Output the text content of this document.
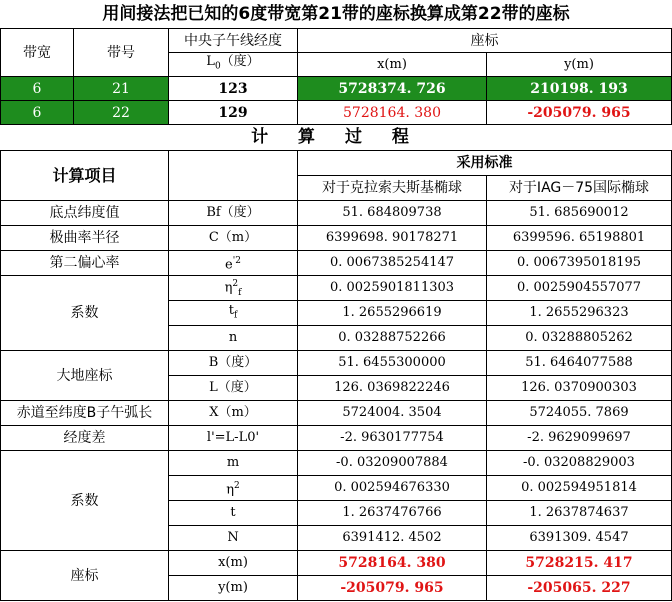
用间接法把已知的6度带宽第21带的座标换算成第22带的座标
带宽	带号	中央子午线经度	座标	
		$L_0$（度）	x(m)	y(m)
6	21	123	5728374. 726	210198. 193
6	22	129	5728164. 380	-205079. 965
计 算 过 程
计算项目		采用标准	
		对于克拉索夫斯基椭球	对于IAG－75国际椭球
底点纬度值	Bf（度）	51. 684809738	51. 685690012
极曲率半径	C（m）	6399698. 90178271	6399596. 65198801
第二偏心率	$e^{'2}$	0. 0067385254147	0. 0067395018195
系数	$\eta^2_f$	0. 0025901811303	0. 0025904557077
	$t_f$	1. 2655296619	1. 2655296323
	n	0. 03288752266	0. 03288805262
大地座标	B（度）	51. 6455300000	51. 6464077588
	L（度）	126. 0369822246	126. 0370900303
赤道至纬度B子午弧长	X（m）	5724004. 3504	5724055. 7869
经度差	l'=L-L0'	-2. 9630177754	-2. 9629099697
系数	m	-0. 03209007884	-0. 03208829003
	$\eta^2$	0. 002594676330	0. 002594951814
	t	1. 2637476766	1. 2637874637
	N	6391412. 4502	6391309. 4547
座标	x(m)	5728164. 380	5728215. 417
	y(m)	-205079. 965	-205065. 227
